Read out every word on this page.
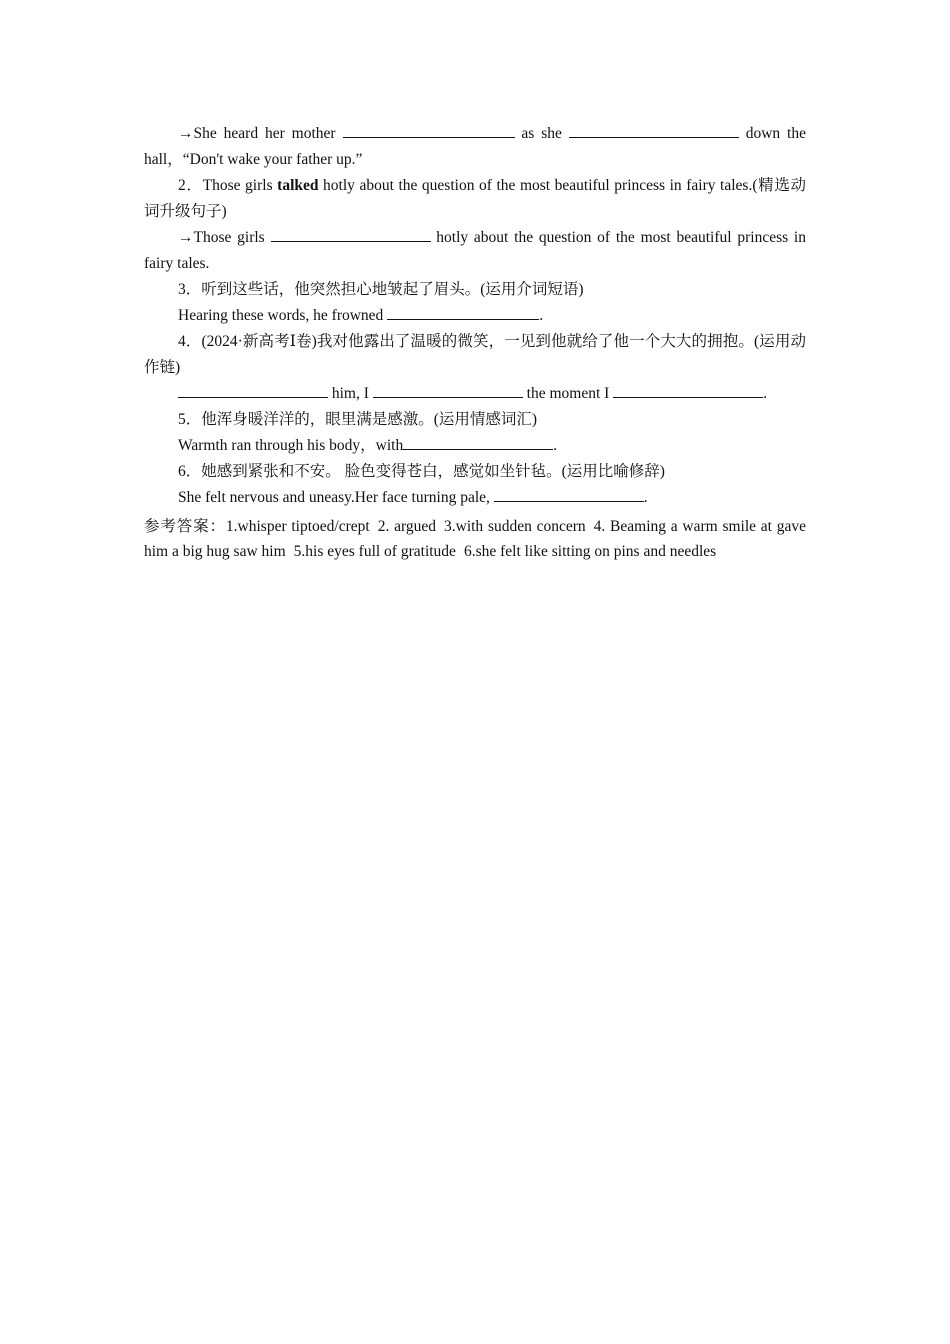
→She heard her mother	as she	down the hall，“Don't wake your father up.”

2．Those girls talked hotly about the question of the most beautiful princess in fairy tales.(精选动词升级句子)

→Those girls	hotly about the question of the most beautiful princess in fairy tales.

3．听到这些话，他突然担心地皱起了眉头。(运用介词短语)

Hearing these words, he frowned	.

4．(2024·新高考Ⅰ卷)我对他露出了温暖的微笑，一见到他就给了他一个大大的拥抱。(运用动作链)

him, I	the moment I	.

5．他浑身暖洋洋的，眼里满是感激。(运用情感词汇)

Warmth ran through his body，with	.

6．她感到紧张和不安。 脸色变得苍白，感觉如坐针毡。(运用比喻修辞)

She felt nervous and uneasy.Her face turning pale,	.

参考答案：1.whisper tiptoed/crept 2. argued 3.with sudden concern 4. Beaming a warm smile at gave him a big hug saw him 5.his eyes full of gratitude 6.she felt like sitting on pins and needles
